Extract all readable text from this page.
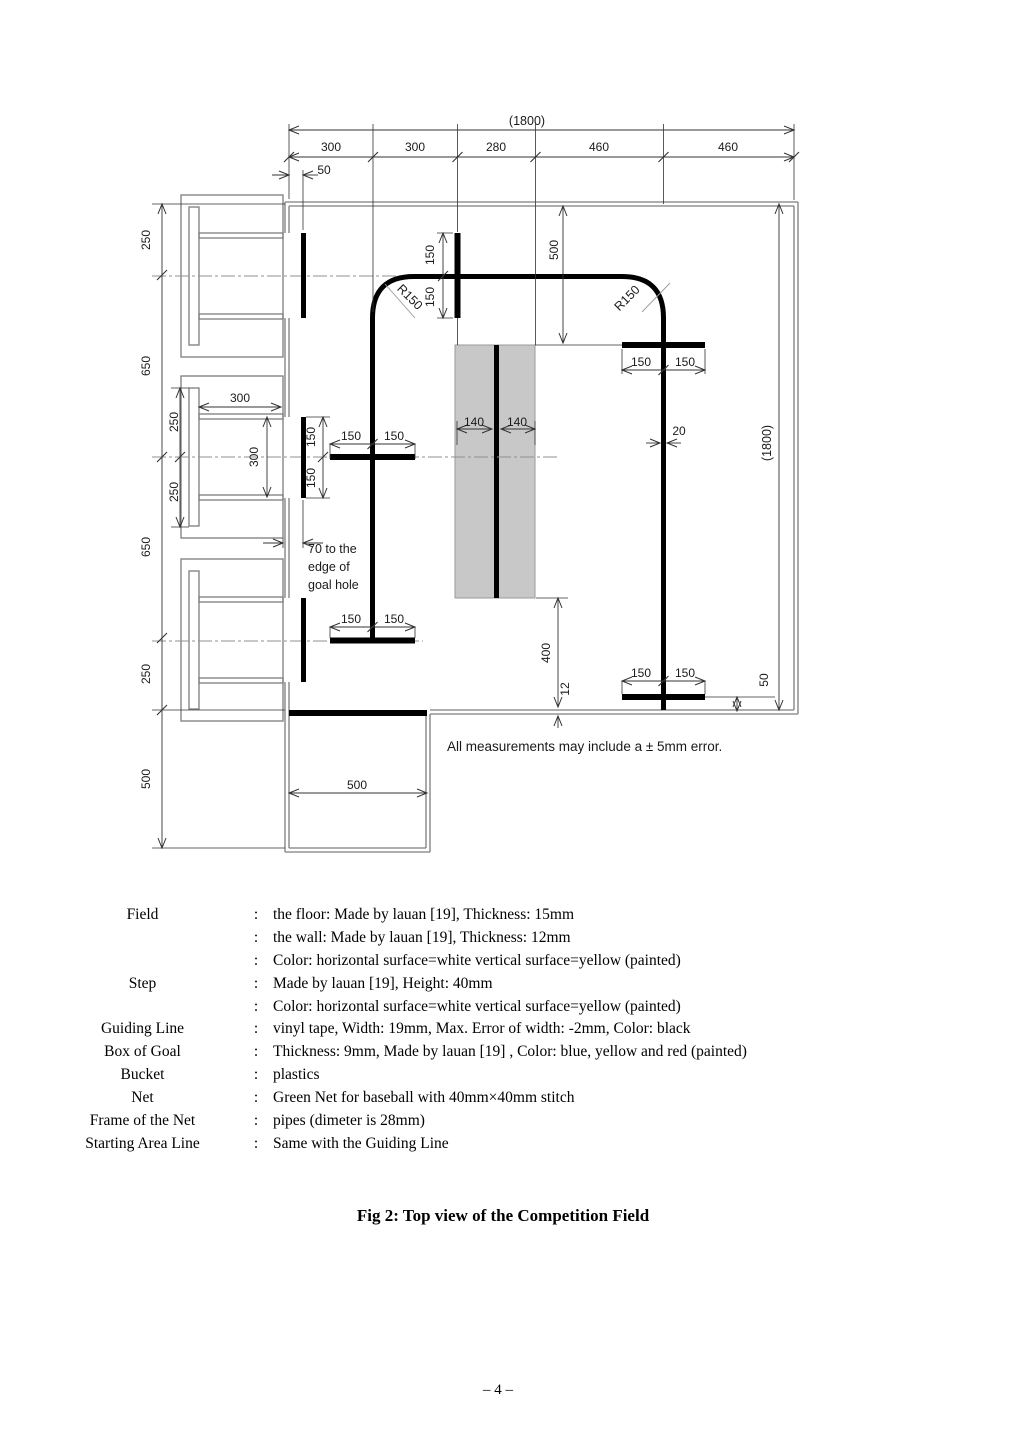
(1800)
300	300	280	460	460
50
250
650
650
250
500
250
250
300
300
150
150
150
150
150 150
150 150
150 150
150 150
140 140
20
500
400
12
50
500
(1800)
R150	R150
70 to the
edge of
goal hole
All measurements may include a ± 5mm error.
Field	: the floor: Made by lauan [19], Thickness: 15mm
: the wall: Made by lauan [19], Thickness: 12mm
: Color: horizontal surface=white vertical surface=yellow (painted)
Step	: Made by lauan [19], Height: 40mm
: Color: horizontal surface=white vertical surface=yellow (painted)
Guiding Line	: vinyl tape, Width: 19mm, Max. Error of width: -2mm, Color: black
Box of Goal	: Thickness: 9mm, Made by lauan [19] , Color: blue, yellow and red (painted)
Bucket	: plastics
Net	: Green Net for baseball with 40mm×40mm stitch
Frame of the Net	: pipes (dimeter is 28mm)
Starting Area Line	: Same with the Guiding Line
Fig 2: Top view of the Competition Field
– 4 –
